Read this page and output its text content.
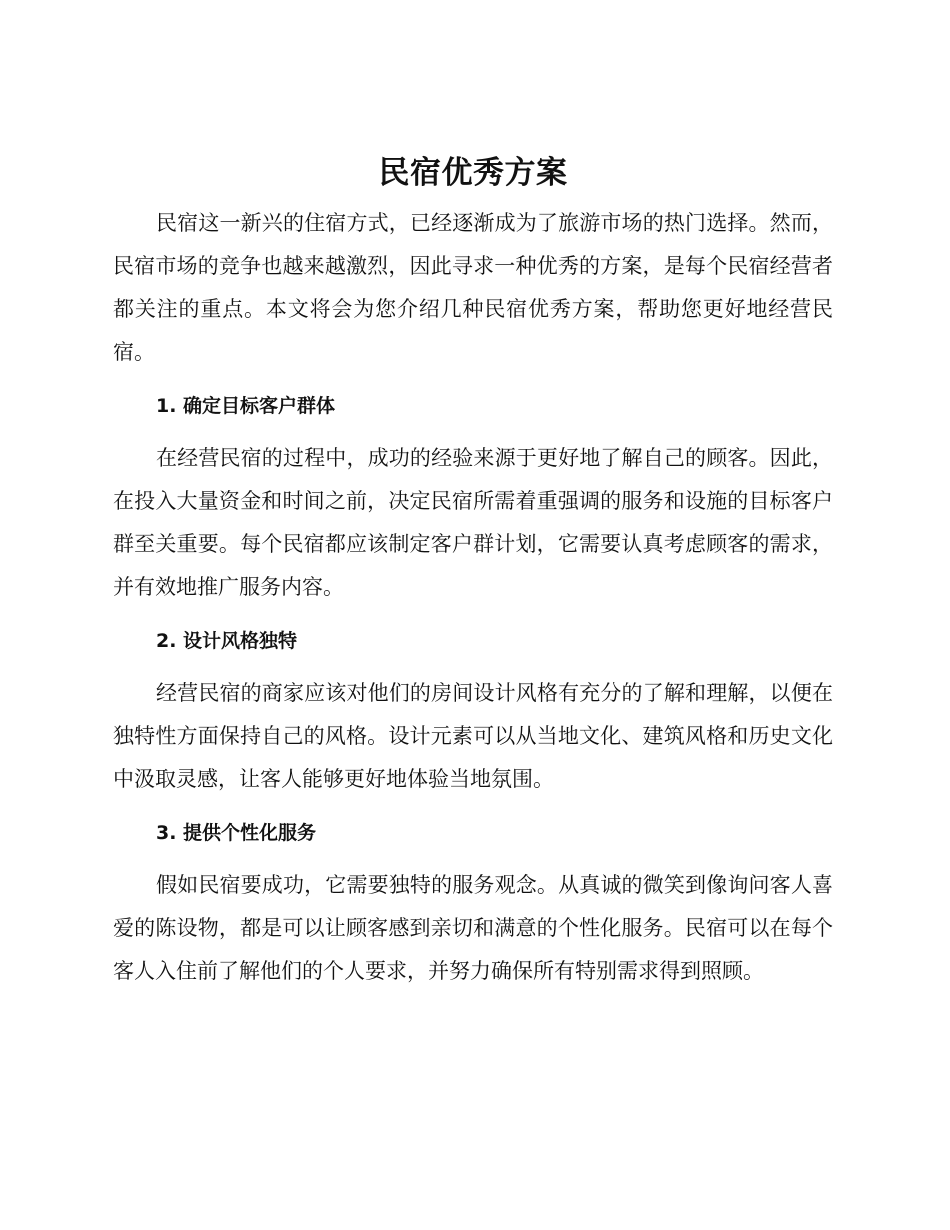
民宿优秀方案

民宿这一新兴的住宿方式，已经逐渐成为了旅游市场的热门选择。然而，民宿市场的竞争也越来越激烈，因此寻求一种优秀的方案，是每个民宿经营者都关注的重点。本文将会为您介绍几种民宿优秀方案，帮助您更好地经营民宿。

1. 确定目标客户群体

在经营民宿的过程中，成功的经验来源于更好地了解自己的顾客。因此，在投入大量资金和时间之前，决定民宿所需着重强调的服务和设施的目标客户群至关重要。每个民宿都应该制定客户群计划，它需要认真考虑顾客的需求，并有效地推广服务内容。

2. 设计风格独特

经营民宿的商家应该对他们的房间设计风格有充分的了解和理解，以便在独特性方面保持自己的风格。设计元素可以从当地文化、建筑风格和历史文化中汲取灵感，让客人能够更好地体验当地氛围。

3. 提供个性化服务

假如民宿要成功，它需要独特的服务观念。从真诚的微笑到像询问客人喜爱的陈设物，都是可以让顾客感到亲切和满意的个性化服务。民宿可以在每个客人入住前了解他们的个人要求，并努力确保所有特别需求得到照顾。
